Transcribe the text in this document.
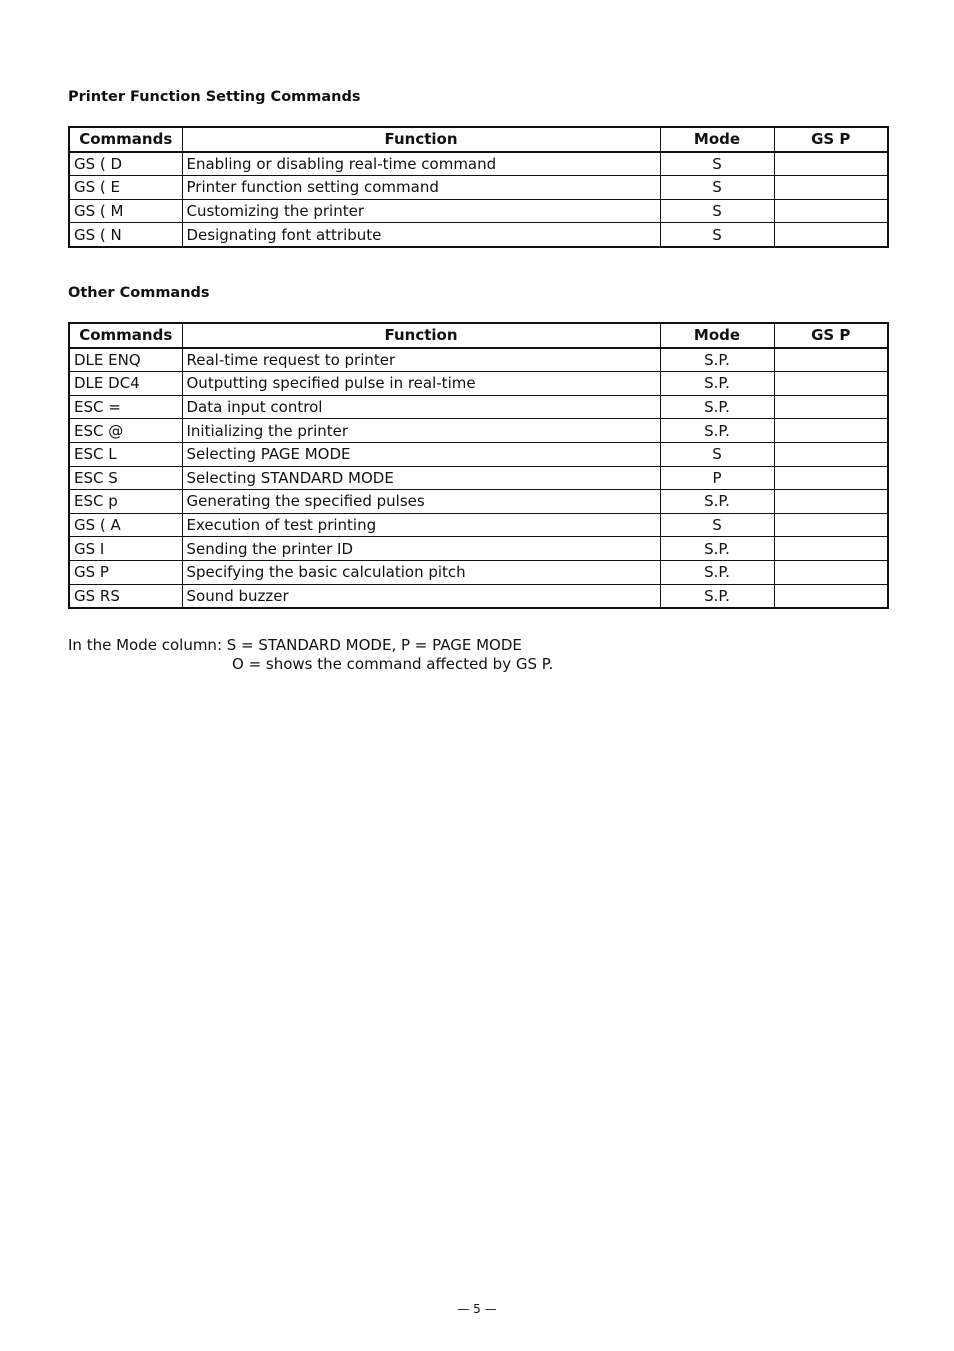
Printer Function Setting Commands
Commands	Function	Mode	GS P
GS ( D	Enabling or disabling real-time command	S	
GS ( E	Printer function setting command	S	
GS ( M	Customizing the printer	S	
GS ( N	Designating font attribute	S	
Other Commands
Commands	Function	Mode	GS P
DLE ENQ	Real-time request to printer	S.P.	
DLE DC4	Outputting specified pulse in real-time	S.P.	
ESC =	Data input control	S.P.	
ESC @	Initializing the printer	S.P.	
ESC L	Selecting PAGE MODE	S	
ESC S	Selecting STANDARD MODE	P	
ESC p	Generating the specified pulses	S.P.	
GS ( A	Execution of test printing	S	
GS I	Sending the printer ID	S.P.	
GS P	Specifying the basic calculation pitch	S.P.	
GS RS	Sound buzzer	S.P.	
In the Mode column: S = STANDARD MODE, P = PAGE MODE
O = shows the command affected by GS P.
— 5 —
